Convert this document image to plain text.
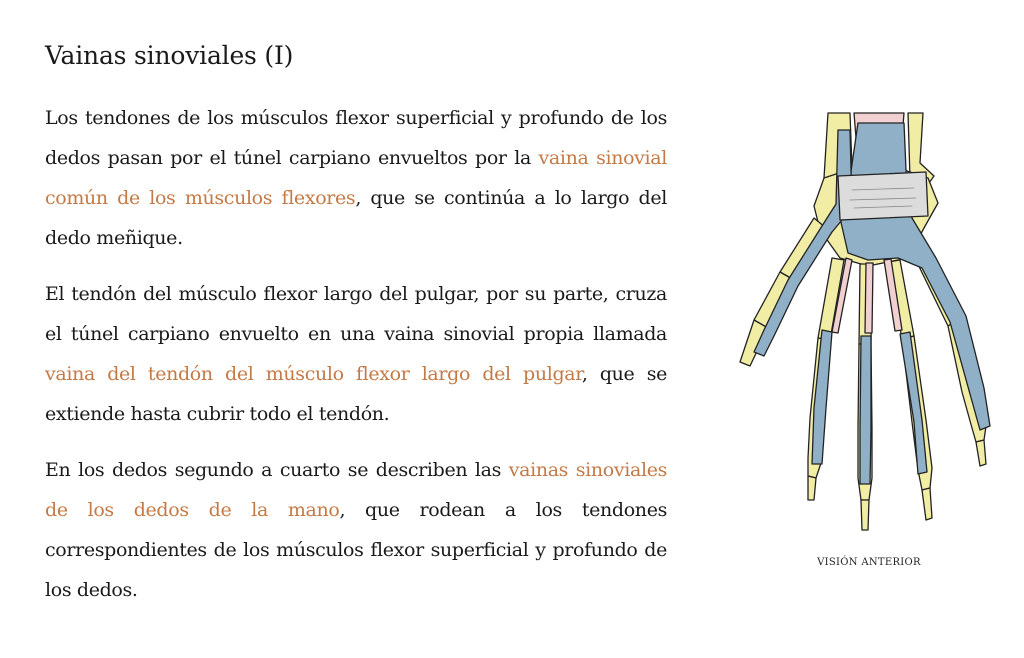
Vainas sinoviales (I)

Los tendones de los músculos flexor superficial y profundo de los dedos pasan por el túnel carpiano envueltos por la vaina sinovial común de los músculos flexores, que se continúa a lo largo del dedo meñique.

El tendón del músculo flexor largo del pulgar, por su parte, cruza el túnel carpiano envuelto en una vaina sinovial propia llamada vaina del tendón del músculo flexor largo del pulgar, que se extiende hasta cubrir todo el tendón.

En los dedos segundo a cuarto se describen las vainas sinoviales de los dedos de la mano, que rodean a los tendones correspondientes de los músculos flexor superficial y profundo de los dedos.

VISIÓN ANTERIOR
